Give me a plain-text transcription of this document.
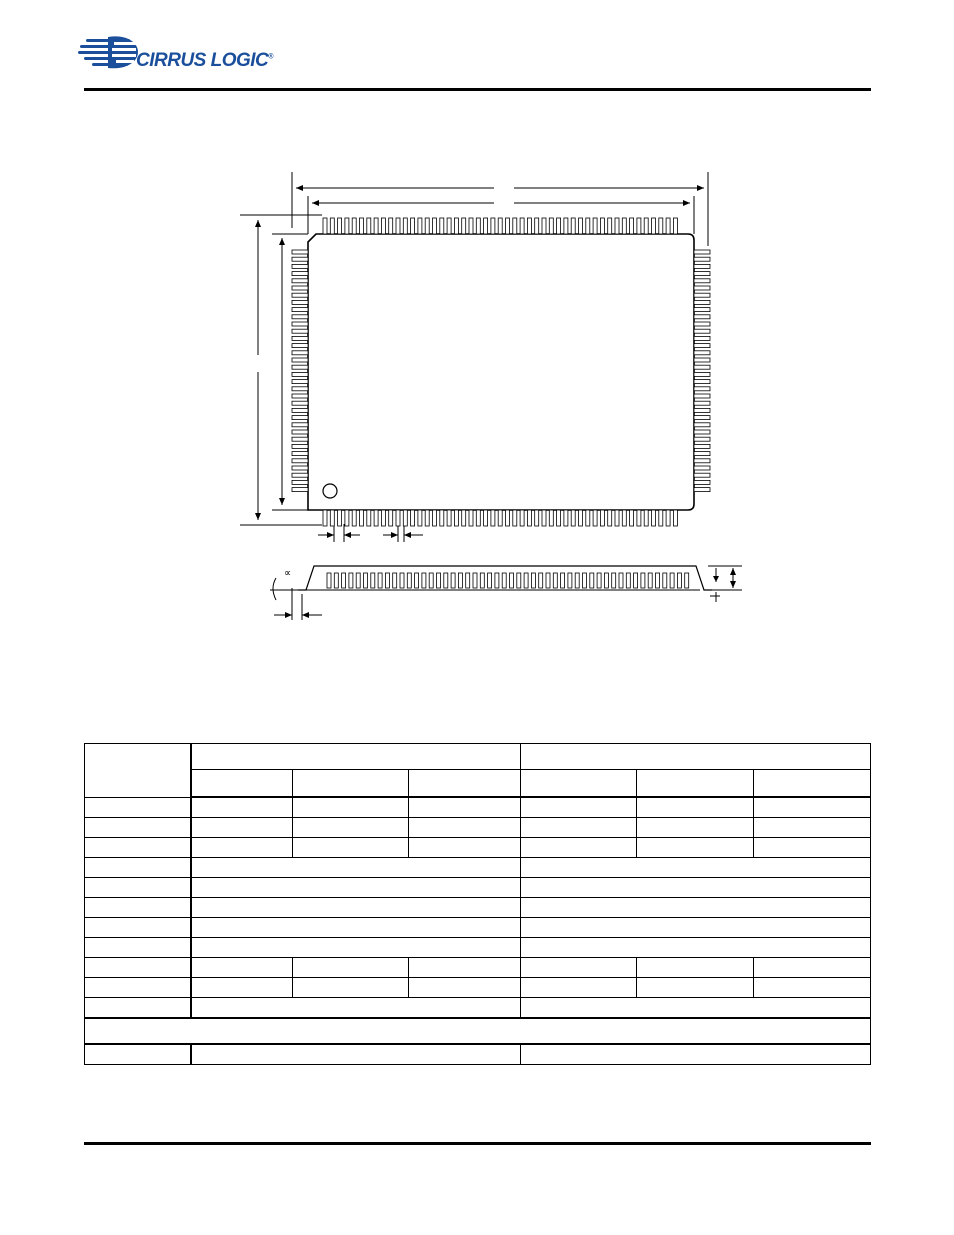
CIRRUS LOGIC®
∝
